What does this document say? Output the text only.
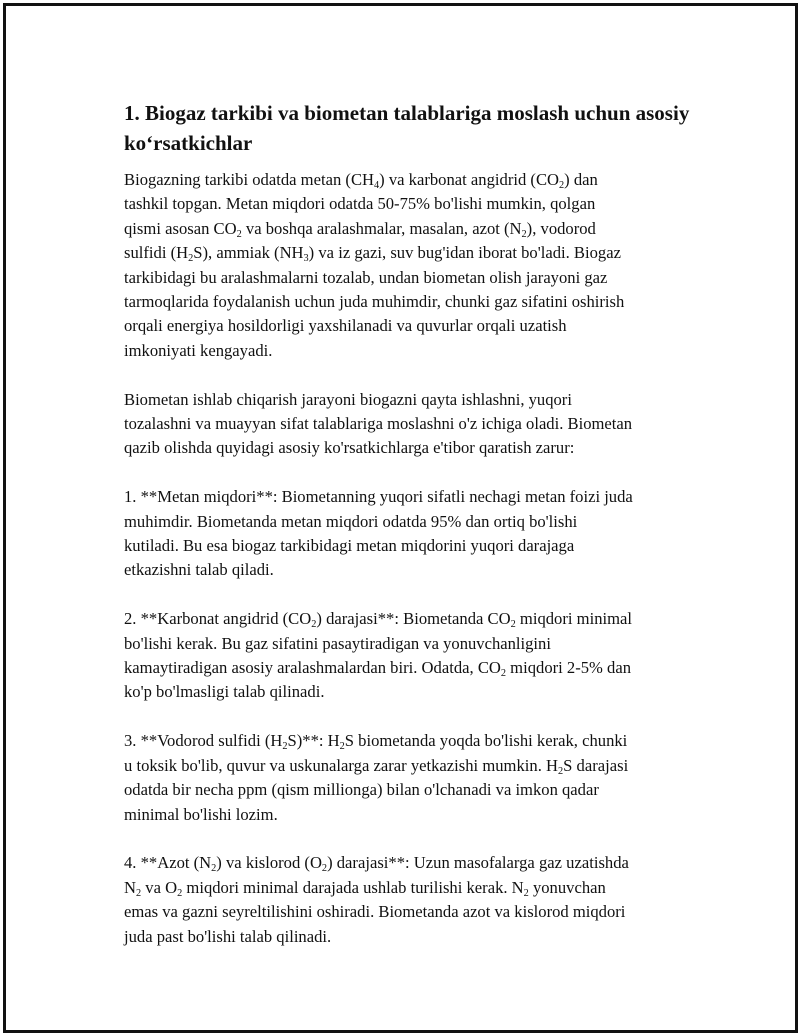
1. Biogaz tarkibi va biometan talablariga moslash uchun asosiy
koʻrsatkichlar
Biogazning tarkibi odatda metan $(CH_4)$ va karbonat angidrid $(CO_2)$ dan
tashkil topgan. Metan miqdori odatda 50-75% bo'lishi mumkin, qolgan
qismi asosan $CO_2$ va boshqa aralashmalar, masalan, azot $(N_2)$, vodorod
sulfidi $(H_2S)$, ammiak $(NH_3)$ va iz gazi, suv bug'idan iborat bo'ladi. Biogaz
tarkibidagi bu aralashmalarni tozalab, undan biometan olish jarayoni gaz
tarmoqlarida foydalanish uchun juda muhimdir, chunki gaz sifatini oshirish
orqali energiya hosildorligi yaxshilanadi va quvurlar orqali uzatish
imkoniyati kengayadi.
Biometan ishlab chiqarish jarayoni biogazni qayta ishlashni, yuqori
tozalashni va muayyan sifat talablariga moslashni o'z ichiga oladi. Biometan
qazib olishda quyidagi asosiy ko'rsatkichlarga e'tibor qaratish zarur:
1. **Metan miqdori**: Biometanning yuqori sifatli nechagi metan foizi juda
muhimdir. Biometanda metan miqdori odatda 95% dan ortiq bo'lishi
kutiladi. Bu esa biogaz tarkibidagi metan miqdorini yuqori darajaga
etkazishni talab qiladi.
2. **Karbonat angidrid $(CO_2)$ darajasi**: Biometanda $CO_2$ miqdori minimal
bo'lishi kerak. Bu gaz sifatini pasaytiradigan va yonuvchanligini
kamaytiradigan asosiy aralashmalardan biri. Odatda, $CO_2$ miqdori 2-5% dan
ko'p bo'lmasligi talab qilinadi.
3. **Vodorod sulfidi $(H_2S)**$: $H_2S$ biometanda yoqda bo'lishi kerak, chunki
u toksik bo'lib, quvur va uskunalarga zarar yetkazishi mumkin. $H_2S$ darajasi
odatda bir necha ppm (qism millionga) bilan o'lchanadi va imkon qadar
minimal bo'lishi lozim.
4. **Azot $(N_2)$ va kislorod $(O_2)$ darajasi**: Uzun masofalarga gaz uzatishda
$N_2$ va $O_2$ miqdori minimal darajada ushlab turilishi kerak. $N_2$ yonuvchan
emas va gazni seyreltilishini oshiradi. Biometanda azot va kislorod miqdori
juda past bo'lishi talab qilinadi.
